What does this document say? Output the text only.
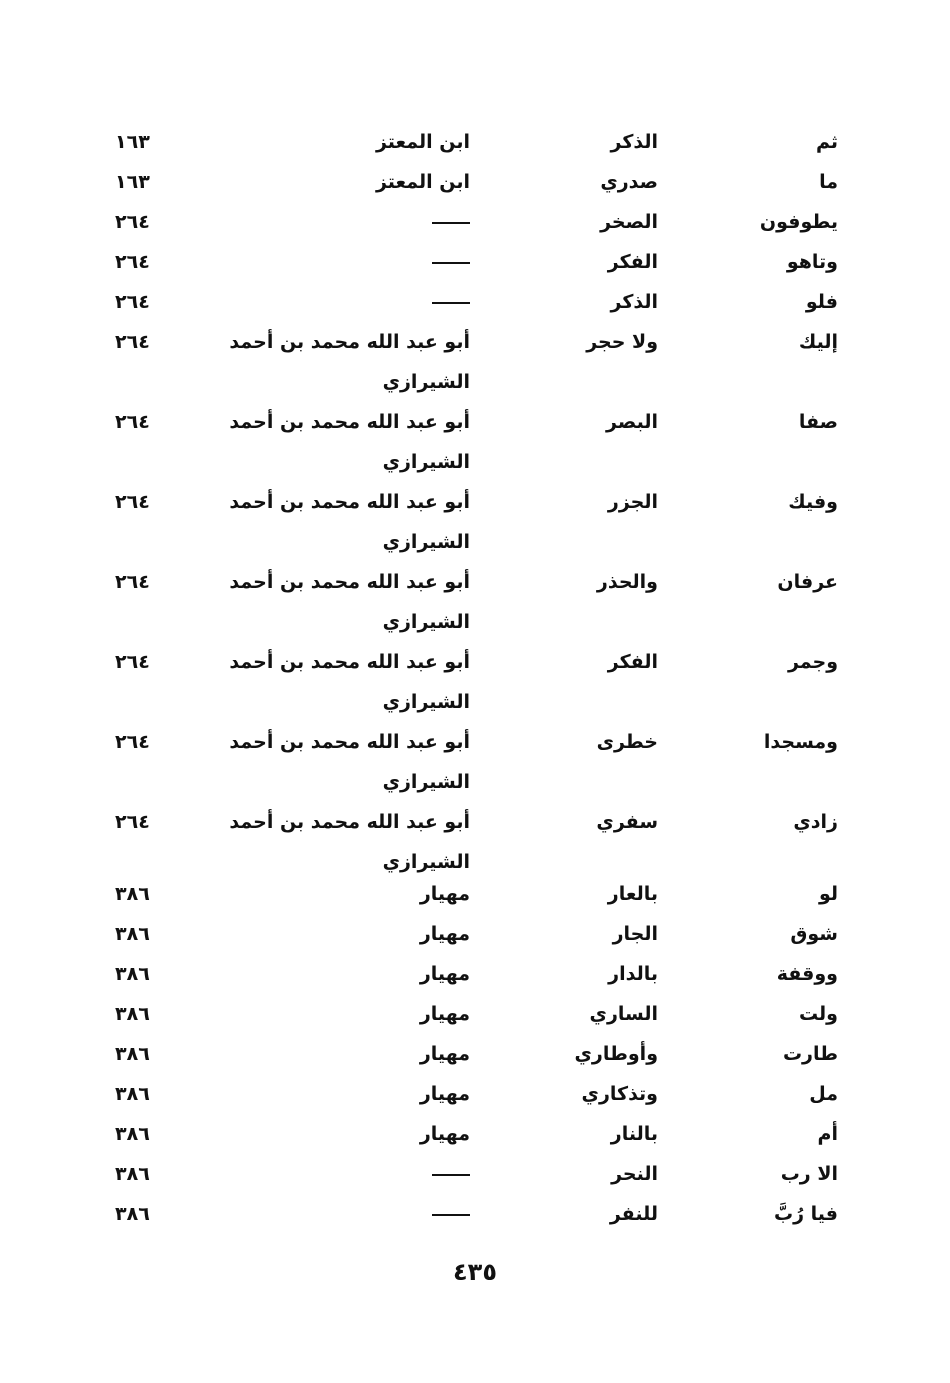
ثم
الذكر
ابن المعتز
١٦٣
ما
صدري
ابن المعتز
١٦٣
يطوفون
الصخر
٢٦٤
وتاهو
الفكر
٢٦٤
فلو
الذكر
٢٦٤
إليك
ولا حجر
أبو عبد الله محمد بن أحمد
الشيرازي
٢٦٤
صفا
البصر
أبو عبد الله محمد بن أحمد
الشيرازي
٢٦٤
وفيك
الجزر
أبو عبد الله محمد بن أحمد
الشيرازي
٢٦٤
عرفان
والحذر
أبو عبد الله محمد بن أحمد
الشيرازي
٢٦٤
وجمر
الفكر
أبو عبد الله محمد بن أحمد
الشيرازي
٢٦٤
ومسجدا
خطرى
أبو عبد الله محمد بن أحمد
الشيرازي
٢٦٤
زادي
سفري
أبو عبد الله محمد بن أحمد
الشيرازي
٢٦٤
لو
بالعار
مهيار
٣٨٦
شوق
الجار
مهيار
٣٨٦
ووقفة
بالدار
مهيار
٣٨٦
ولت
الساري
مهيار
٣٨٦
طارت
وأوطاري
مهيار
٣٨٦
مل
وتذكاري
مهيار
٣٨٦
أم
بالنار
مهيار
٣٨٦
الا رب
النحر
٣٨٦
فيا رُبَّ
للنفر
٣٨٦
٤٣٥
